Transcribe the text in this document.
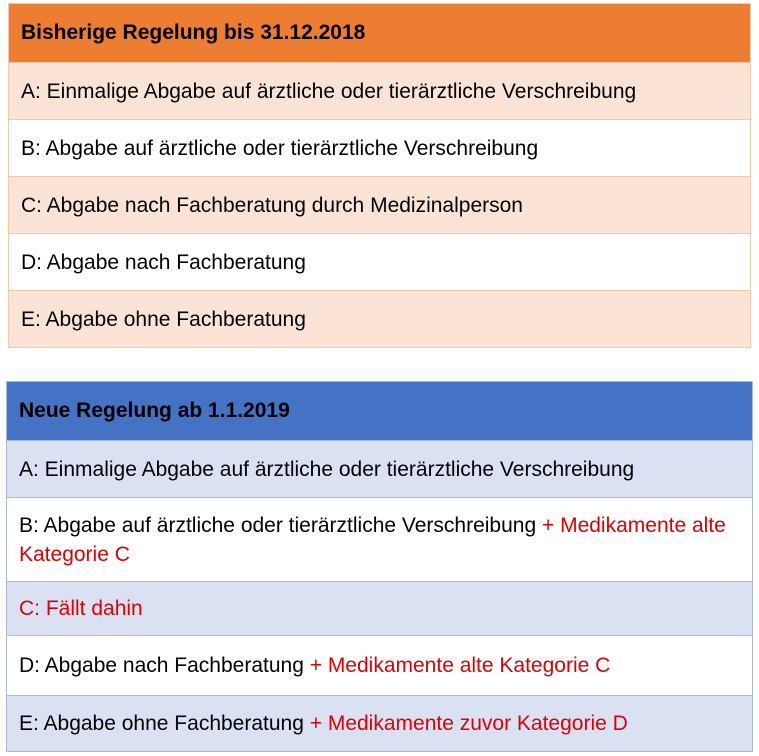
Bisherige Regelung bis 31.12.2018
A: Einmalige Abgabe auf ärztliche oder tierärztliche Verschreibung
B: Abgabe auf ärztliche oder tierärztliche Verschreibung
C: Abgabe nach Fachberatung durch Medizinalperson
D: Abgabe nach Fachberatung
E: Abgabe ohne Fachberatung
Neue Regelung ab 1.1.2019
A: Einmalige Abgabe auf ärztliche oder tierärztliche Verschreibung
B: Abgabe auf ärztliche oder tierärztliche Verschreibung + Medikamente alte Kategorie C
C: Fällt dahin
D: Abgabe nach Fachberatung + Medikamente alte Kategorie C
E: Abgabe ohne Fachberatung + Medikamente zuvor Kategorie D
